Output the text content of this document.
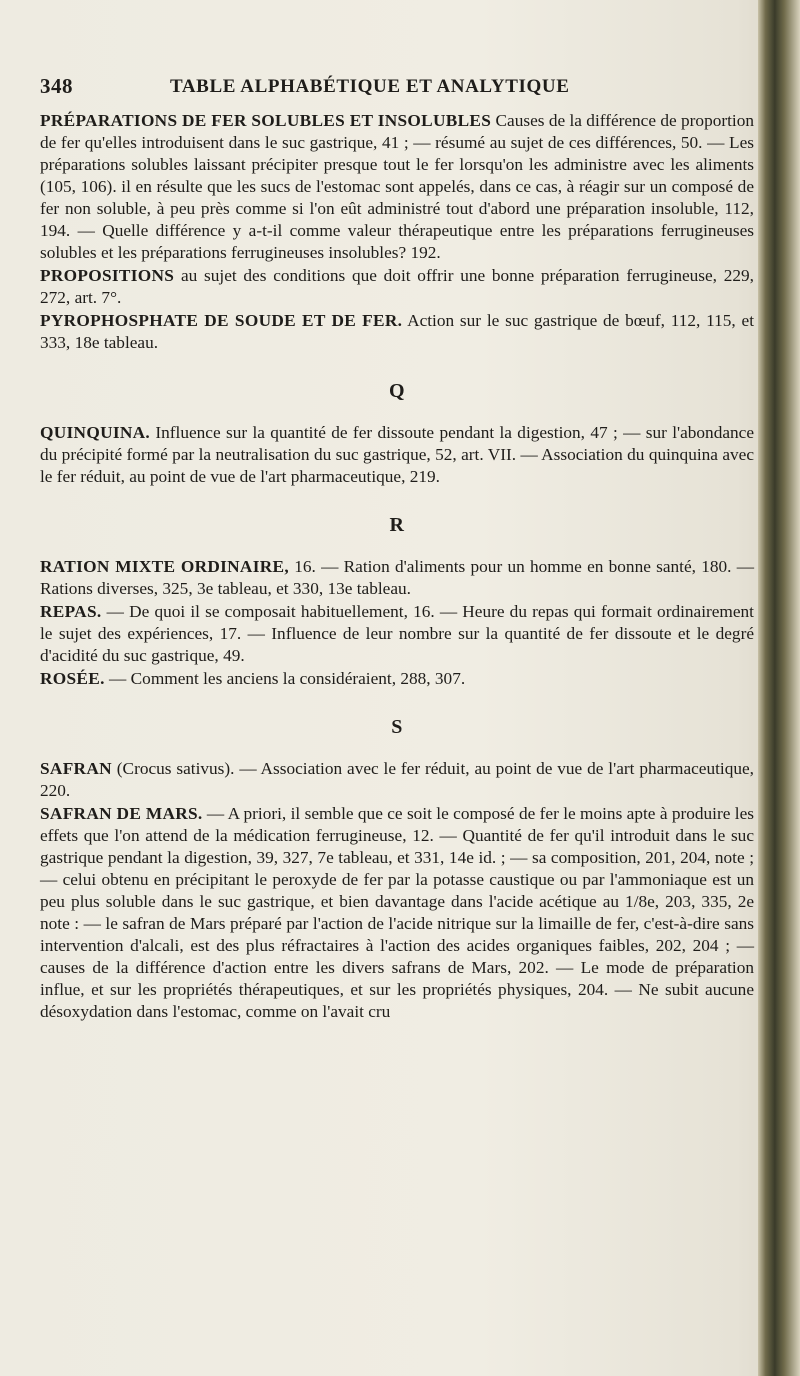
348	TABLE ALPHABÉTIQUE ET ANALYTIQUE

PRÉPARATIONS DE FER SOLUBLES ET INSOLUBLES Causes de la différence de proportion de fer qu'elles introduisent dans le suc gastrique, 41 ; — résumé au sujet de ces différences, 50. — Les préparations solubles laissant précipiter presque tout le fer lorsqu'on les administre avec les aliments (105, 106). il en résulte que les sucs de l'estomac sont appelés, dans ce cas, à réagir sur un composé de fer non soluble, à peu près comme si l'on eût administré tout d'abord une préparation insoluble, 112, 194. — Quelle différence y a-t-il comme valeur thérapeutique entre les préparations ferrugineuses solubles et les préparations ferrugineuses insolubles? 192.

PROPOSITIONS au sujet des conditions que doit offrir une bonne préparation ferrugineuse, 229, 272, art. 7°.

PYROPHOSPHATE DE SOUDE ET DE FER. Action sur le suc gastrique de bœuf, 112, 115, et 333, 18e tableau.

Q

QUINQUINA. Influence sur la quantité de fer dissoute pendant la digestion, 47 ; — sur l'abondance du précipité formé par la neutralisation du suc gastrique, 52, art. VII. — Association du quinquina avec le fer réduit, au point de vue de l'art pharmaceutique, 219.

R

RATION MIXTE ORDINAIRE, 16. — Ration d'aliments pour un homme en bonne santé, 180. — Rations diverses, 325, 3e tableau, et 330, 13e tableau.

REPAS. — De quoi il se composait habituellement, 16. — Heure du repas qui formait ordinairement le sujet des expériences, 17. — Influence de leur nombre sur la quantité de fer dissoute et le degré d'acidité du suc gastrique, 49.

ROSÉE. — Comment les anciens la considéraient, 288, 307.

S

SAFRAN (Crocus sativus). — Association avec le fer réduit, au point de vue de l'art pharmaceutique, 220.

SAFRAN DE MARS. — A priori, il semble que ce soit le composé de fer le moins apte à produire les effets que l'on attend de la médication ferrugineuse, 12. — Quantité de fer qu'il introduit dans le suc gastrique pendant la digestion, 39, 327, 7e tableau, et 331, 14e id. ; — sa composition, 201, 204, note ; — celui obtenu en précipitant le peroxyde de fer par la potasse caustique ou par l'ammoniaque est un peu plus soluble dans le suc gastrique, et bien davantage dans l'acide acétique au 1/8e, 203, 335, 2e note : — le safran de Mars préparé par l'action de l'acide nitrique sur la limaille de fer, c'est-à-dire sans intervention d'alcali, est des plus réfractaires à l'action des acides organiques faibles, 202, 204 ; — causes de la différence d'action entre les divers safrans de Mars, 202. — Le mode de préparation influe, et sur les propriétés thérapeutiques, et sur les propriétés physiques, 204. — Ne subit aucune désoxydation dans l'estomac, comme on l'avait cru
